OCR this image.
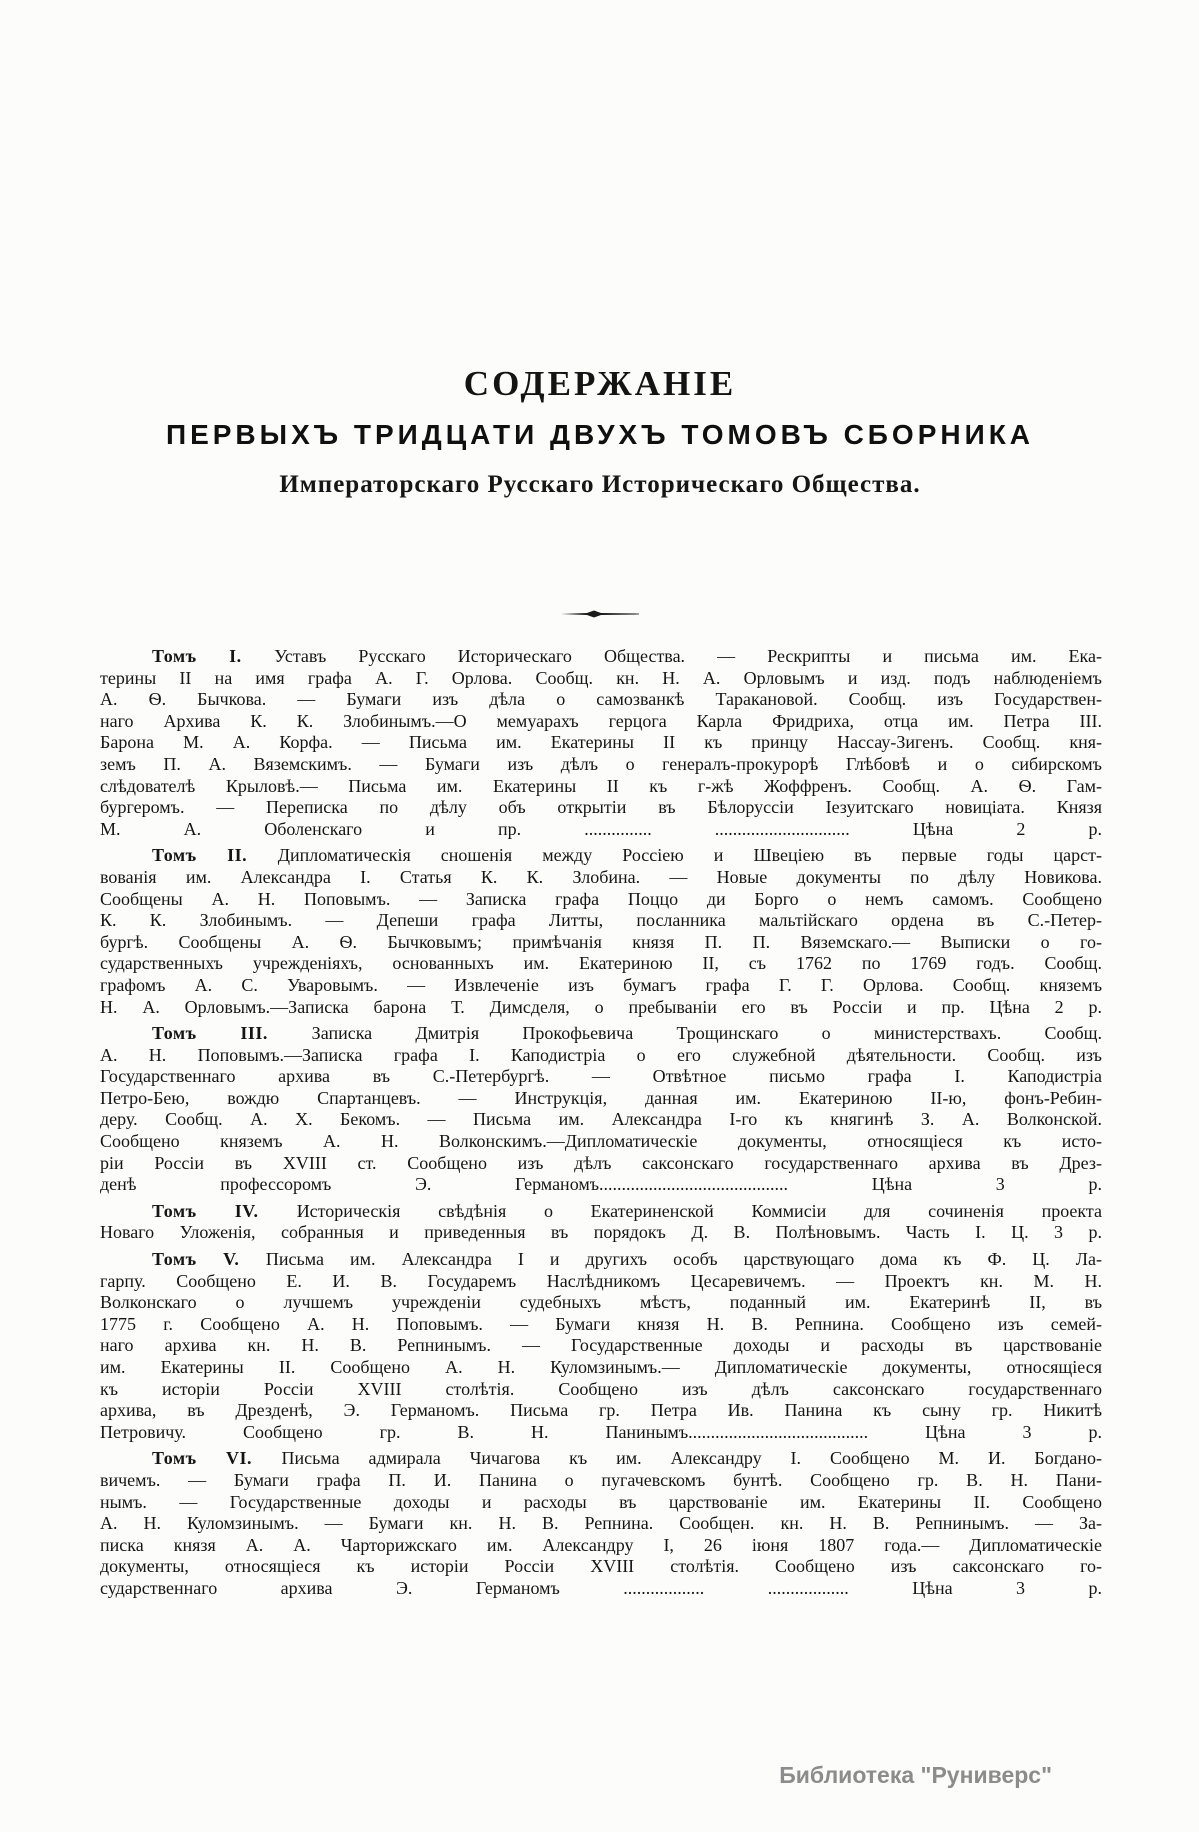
СОДЕРЖАНІЕ
ПЕРВЫХЪ ТРИДЦАТИ ДВУХЪ ТОМОВЪ СБОРНИКА
Императорскаго Русскаго Историческаго Общества.
Томъ I. Уставъ Русскаго Историческаго Общества. — Рескрипты и письма им. Ека-
терины II на имя графа А. Г. Орлова. Сообщ. кн. Н. А. Орловымъ и изд. подъ наблюденіемъ
А. Ѳ. Бычкова. — Бумаги изъ дѣла о самозванкѣ Таракановой. Сообщ. изъ Государствен-
наго Архива К. К. Злобинымъ.—О мемуарахъ герцога Карла Фридриха, отца им. Петра III.
Барона М. А. Корфа. — Письма им. Екатерины II къ принцу Нассау-Зигенъ. Сообщ. кня-
земъ П. А. Вяземскимъ. — Бумаги изъ дѣлъ о генералъ-прокурорѣ Глѣбовѣ и о сибирскомъ
слѣдователѣ Крыловѣ.— Письма им. Екатерины II къ г-жѣ Жоффренъ. Сообщ. А. Ѳ. Гам-
бургеромъ. — Переписка по дѣлу объ открытіи въ Бѣлоруссіи Іезуитскаго новиціата. Князя
М. А. Оболенскаго и пр. ............... .............................. Цѣна 2 р.
Томъ II. Дипломатическія сношенія между Россіею и Швеціею въ первые годы царст-
вованія им. Александра I. Статья К. К. Злобина. — Новые документы по дѣлу Новикова.
Сообщены А. Н. Поповымъ. — Записка графа Поццо ди Борго о немъ самомъ. Сообщено
К. К. Злобинымъ. — Депеши графа Литты, посланника мальтійскаго ордена въ С.-Петер-
бургѣ. Сообщены А. Ѳ. Бычковымъ; примѣчанія князя П. П. Вяземскаго.— Выписки о го-
сударственныхъ учрежденіяхъ, основанныхъ им. Екатериною II, съ 1762 по 1769 годъ. Сообщ.
графомъ А. С. Уваровымъ. — Извлеченіе изъ бумагъ графа Г. Г. Орлова. Сообщ. княземъ
Н. А. Орловымъ.—Записка барона Т. Димсделя, о пребываніи его въ Россіи и пр. Цѣна 2 р.
Томъ III. Записка Дмитрія Прокофьевича Трощинскаго о министерствахъ. Сообщ.
А. Н. Поповымъ.—Записка графа І. Каподистріа о его служебной дѣятельности. Сообщ. изъ
Государственнаго архива въ С.-Петербургѣ. — Отвѣтное письмо графа І. Каподистріа
Петро-Бею, вождю Спартанцевъ. — Инструкція, данная им. Екатериною II-ю, фонъ-Ребин-
деру. Сообщ. А. Х. Бекомъ. — Письма им. Александра I-го къ княгинѣ З. А. Волконской.
Сообщено княземъ А. Н. Волконскимъ.—Дипломатическіе документы, относящіеся къ исто-
ріи Россіи въ XVIII ст. Сообщено изъ дѣлъ саксонскаго государственнаго архива въ Дрез-
денѣ профессоромъ Э. Германомъ.......................................... Цѣна 3 р.
Томъ IV. Историческія свѣдѣнія о Екатериненской Коммисіи для сочиненія проекта
Новаго Уложенія, собранныя и приведенныя въ порядокъ Д. В. Полѣновымъ. Часть I. Ц. 3 р.
Томъ V. Письма им. Александра I и другихъ особъ царствующаго дома къ Ф. Ц. Ла-
гарпу. Сообщено Е. И. В. Государемъ Наслѣдникомъ Цесаревичемъ. — Проектъ кн. М. Н.
Волконскаго о лучшемъ учрежденіи судебныхъ мѣстъ, поданный им. Екатеринѣ II, въ
1775 г. Сообщено А. Н. Поповымъ. — Бумаги князя Н. В. Репнина. Сообщено изъ семей-
наго архива кн. Н. В. Репнинымъ. — Государственные доходы и расходы въ царствованіе
им. Екатерины II. Сообщено А. Н. Куломзинымъ.— Дипломатическіе документы, относящіеся
къ исторіи Россіи XVIII столѣтія. Сообщено изъ дѣлъ саксонскаго государственнаго
архива, въ Дрезденѣ, Э. Германомъ. Письма гр. Петра Ив. Панина къ сыну гр. Никитѣ
Петровичу. Сообщено гр. В. Н. Панинымъ........................................ Цѣна 3 р.
Томъ VI. Письма адмирала Чичагова къ им. Александру I. Сообщено М. И. Богдано-
вичемъ. — Бумаги графа П. И. Панина о пугачевскомъ бунтѣ. Сообщено гр. В. Н. Пани-
нымъ. — Государственные доходы и расходы въ царствованіе им. Екатерины II. Сообщено
А. Н. Куломзинымъ. — Бумаги кн. Н. В. Репнина. Сообщен. кн. Н. В. Репнинымъ. — За-
писка князя А. А. Чарторижскаго им. Александру I, 26 іюня 1807 года.— Дипломатическіе
документы, относящіеся къ исторіи Россіи XVIII столѣтія. Сообщено изъ саксонскаго го-
сударственнаго архива Э. Германомъ .................. .................. Цѣна 3 р.
Библиотека "Руниверс"
